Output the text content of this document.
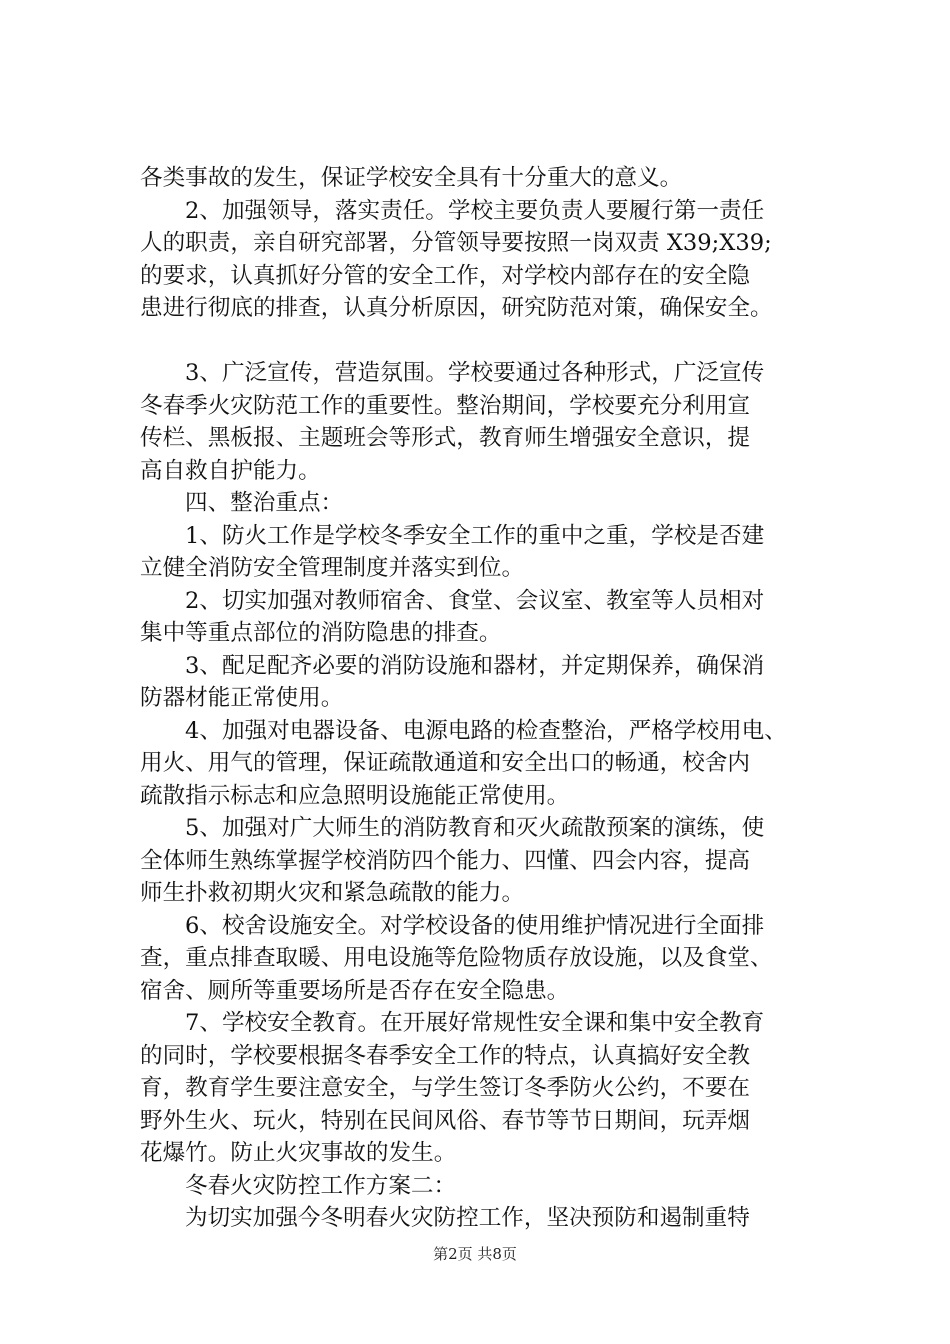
各类事故的发生，保证学校安全具有十分重大的意义。
2、加强领导，落实责任。学校主要负责人要履行第一责任
人的职责，亲自研究部署，分管领导要按照一岗双责 X39;X39;
的要求，认真抓好分管的安全工作，对学校内部存在的安全隐
患进行彻底的排查，认真分析原因，研究防范对策，确保安全。
3、广泛宣传，营造氛围。学校要通过各种形式，广泛宣传
冬春季火灾防范工作的重要性。整治期间，学校要充分利用宣
传栏、黑板报、主题班会等形式，教育师生增强安全意识，提
高自救自护能力。
四、整治重点：
1、防火工作是学校冬季安全工作的重中之重，学校是否建
立健全消防安全管理制度并落实到位。
2、切实加强对教师宿舍、食堂、会议室、教室等人员相对
集中等重点部位的消防隐患的排查。
3、配足配齐必要的消防设施和器材，并定期保养，确保消
防器材能正常使用。
4、加强对电器设备、电源电路的检查整治，严格学校用电、
用火、用气的管理，保证疏散通道和安全出口的畅通，校舍内
疏散指示标志和应急照明设施能正常使用。
5、加强对广大师生的消防教育和灭火疏散预案的演练，使
全体师生熟练掌握学校消防四个能力、四懂、四会内容，提高
师生扑救初期火灾和紧急疏散的能力。
6、校舍设施安全。对学校设备的使用维护情况进行全面排
查，重点排查取暖、用电设施等危险物质存放设施，以及食堂、
宿舍、厕所等重要场所是否存在安全隐患。
7、学校安全教育。在开展好常规性安全课和集中安全教育
的同时，学校要根据冬春季安全工作的特点，认真搞好安全教
育，教育学生要注意安全，与学生签订冬季防火公约，不要在
野外生火、玩火，特别在民间风俗、春节等节日期间，玩弄烟
花爆竹。防止火灾事故的发生。
冬春火灾防控工作方案二：
为切实加强今冬明春火灾防控工作，坚决预防和遏制重特
第2页 共8页
